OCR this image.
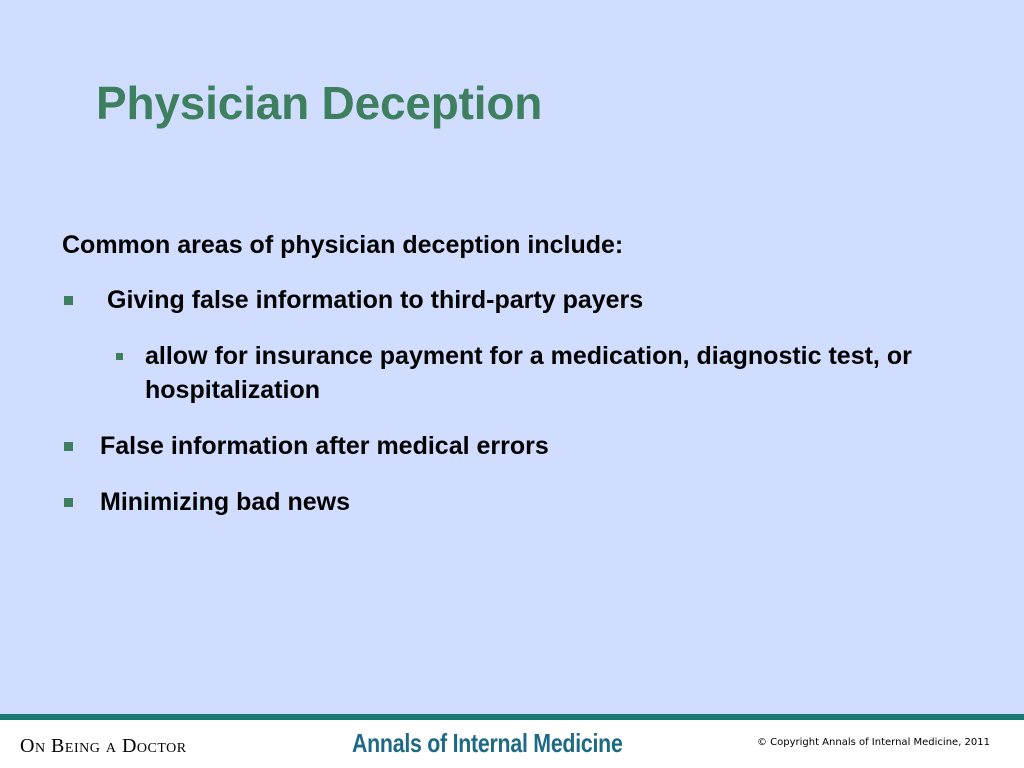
Physician Deception

Common areas of physician deception include:

Giving false information to third-party payers
allow for insurance payment for a medication, diagnostic test, or hospitalization
False information after medical errors
Minimizing bad news
On Being a Doctor	Annals of Internal Medicine	© Copyright Annals of Internal Medicine, 2011
